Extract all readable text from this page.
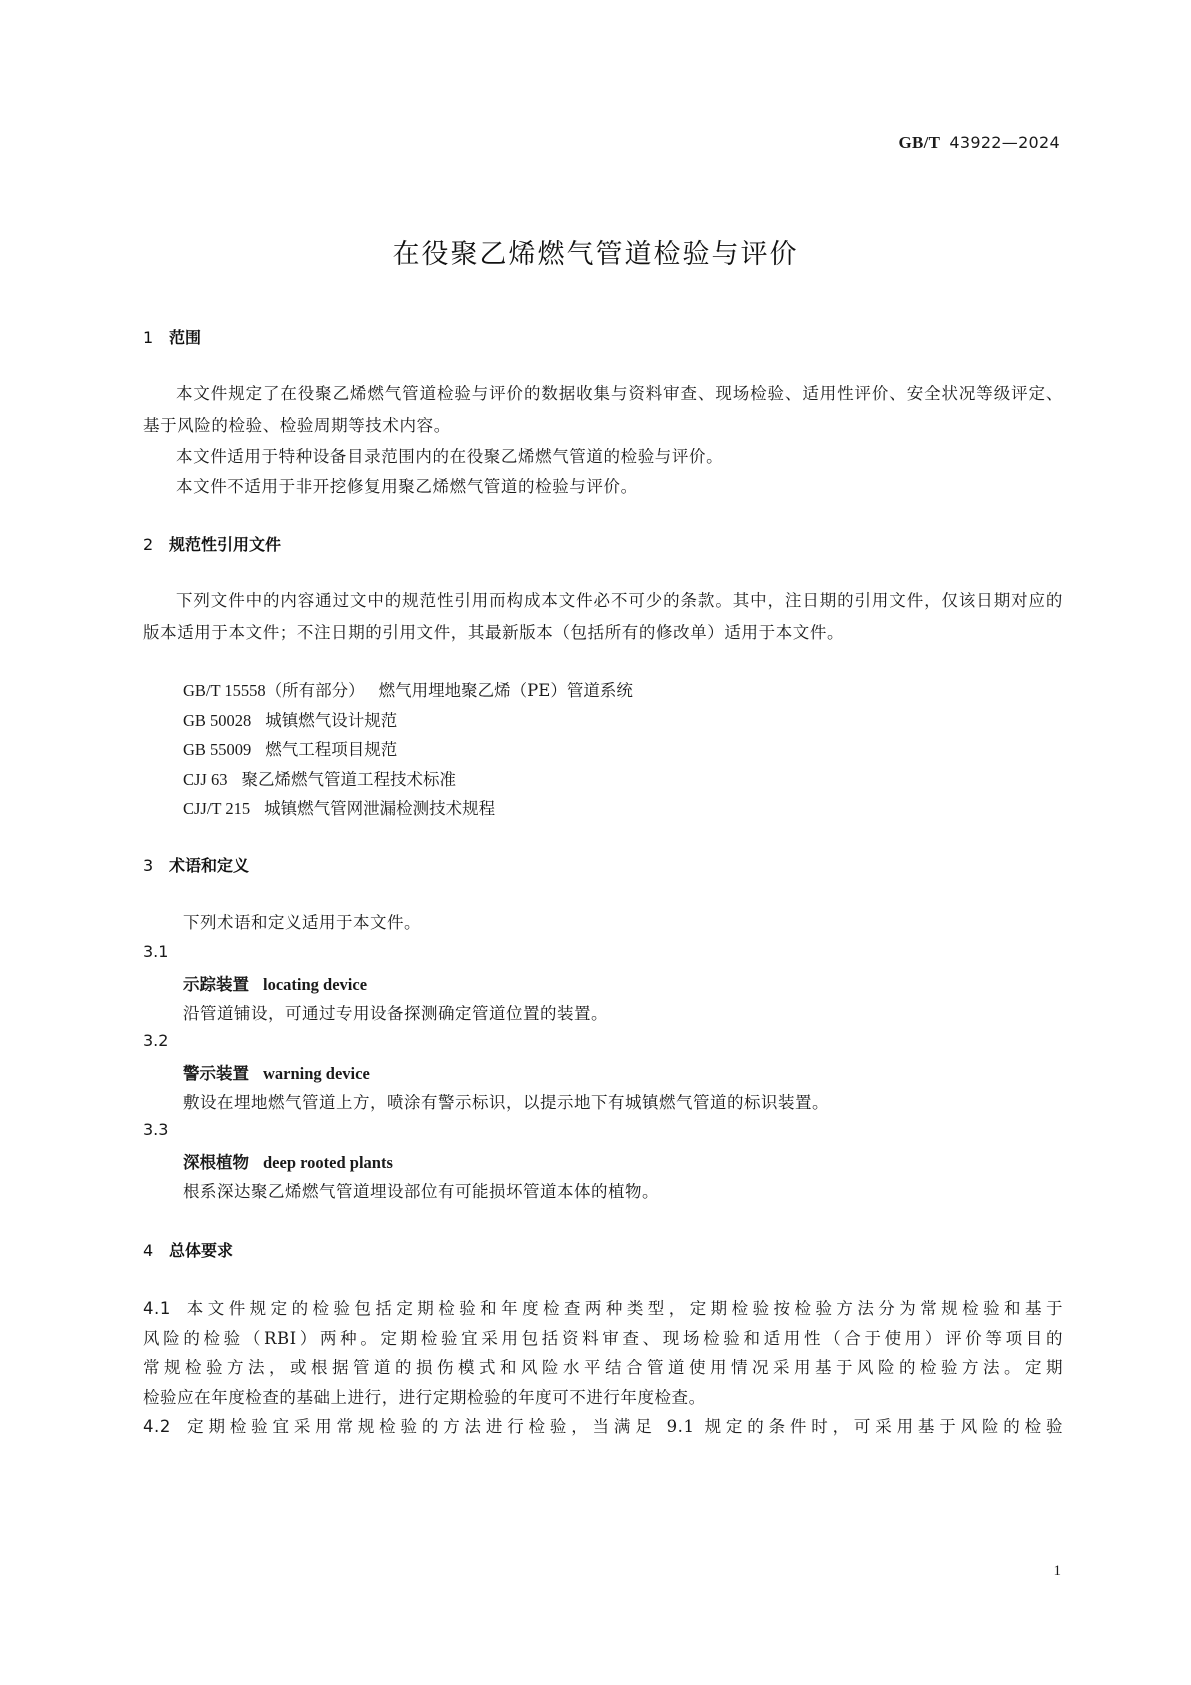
GB/T 43922—2024
在役聚乙烯燃气管道检验与评价
1 范围
本文件规定了在役聚乙烯燃气管道检验与评价的数据收集与资料审查、现场检验、适用性评价、安全状况等级评定、基于风险的检验、检验周期等技术内容。
本文件适用于特种设备目录范围内的在役聚乙烯燃气管道的检验与评价。
本文件不适用于非开挖修复用聚乙烯燃气管道的检验与评价。
2 规范性引用文件
下列文件中的内容通过文中的规范性引用而构成本文件必不可少的条款。其中，注日期的引用文件，仅该日期对应的版本适用于本文件；不注日期的引用文件，其最新版本（包括所有的修改单）适用于本文件。
GB/T 15558（所有部分） 燃气用埋地聚乙烯（PE）管道系统
GB 50028 城镇燃气设计规范
GB 55009 燃气工程项目规范
CJJ 63 聚乙烯燃气管道工程技术标准
CJJ/T 215 城镇燃气管网泄漏检测技术规程
3 术语和定义
下列术语和定义适用于本文件。
3.1
示踪装置 locating device
沿管道铺设，可通过专用设备探测确定管道位置的装置。
3.2
警示装置 warning device
敷设在埋地燃气管道上方，喷涂有警示标识，以提示地下有城镇燃气管道的标识装置。
3.3
深根植物 deep rooted plants
根系深达聚乙烯燃气管道埋设部位有可能损坏管道本体的植物。
4 总体要求
4.1 本文件规定的检验包括定期检验和年度检查两种类型，定期检验按检验方法分为常规检验和基于
风险的检验（RBI）两种。定期检验宜采用包括资料审查、现场检验和适用性（合于使用）评价等项目的
常规检验方法，或根据管道的损伤模式和风险水平结合管道使用情况采用基于风险的检验方法。定期
检验应在年度检查的基础上进行，进行定期检验的年度可不进行年度检查。
4.2 定期检验宜采用常规检验的方法进行检验，当满足 9.1 规定的条件时，可采用基于风险的检验
1
